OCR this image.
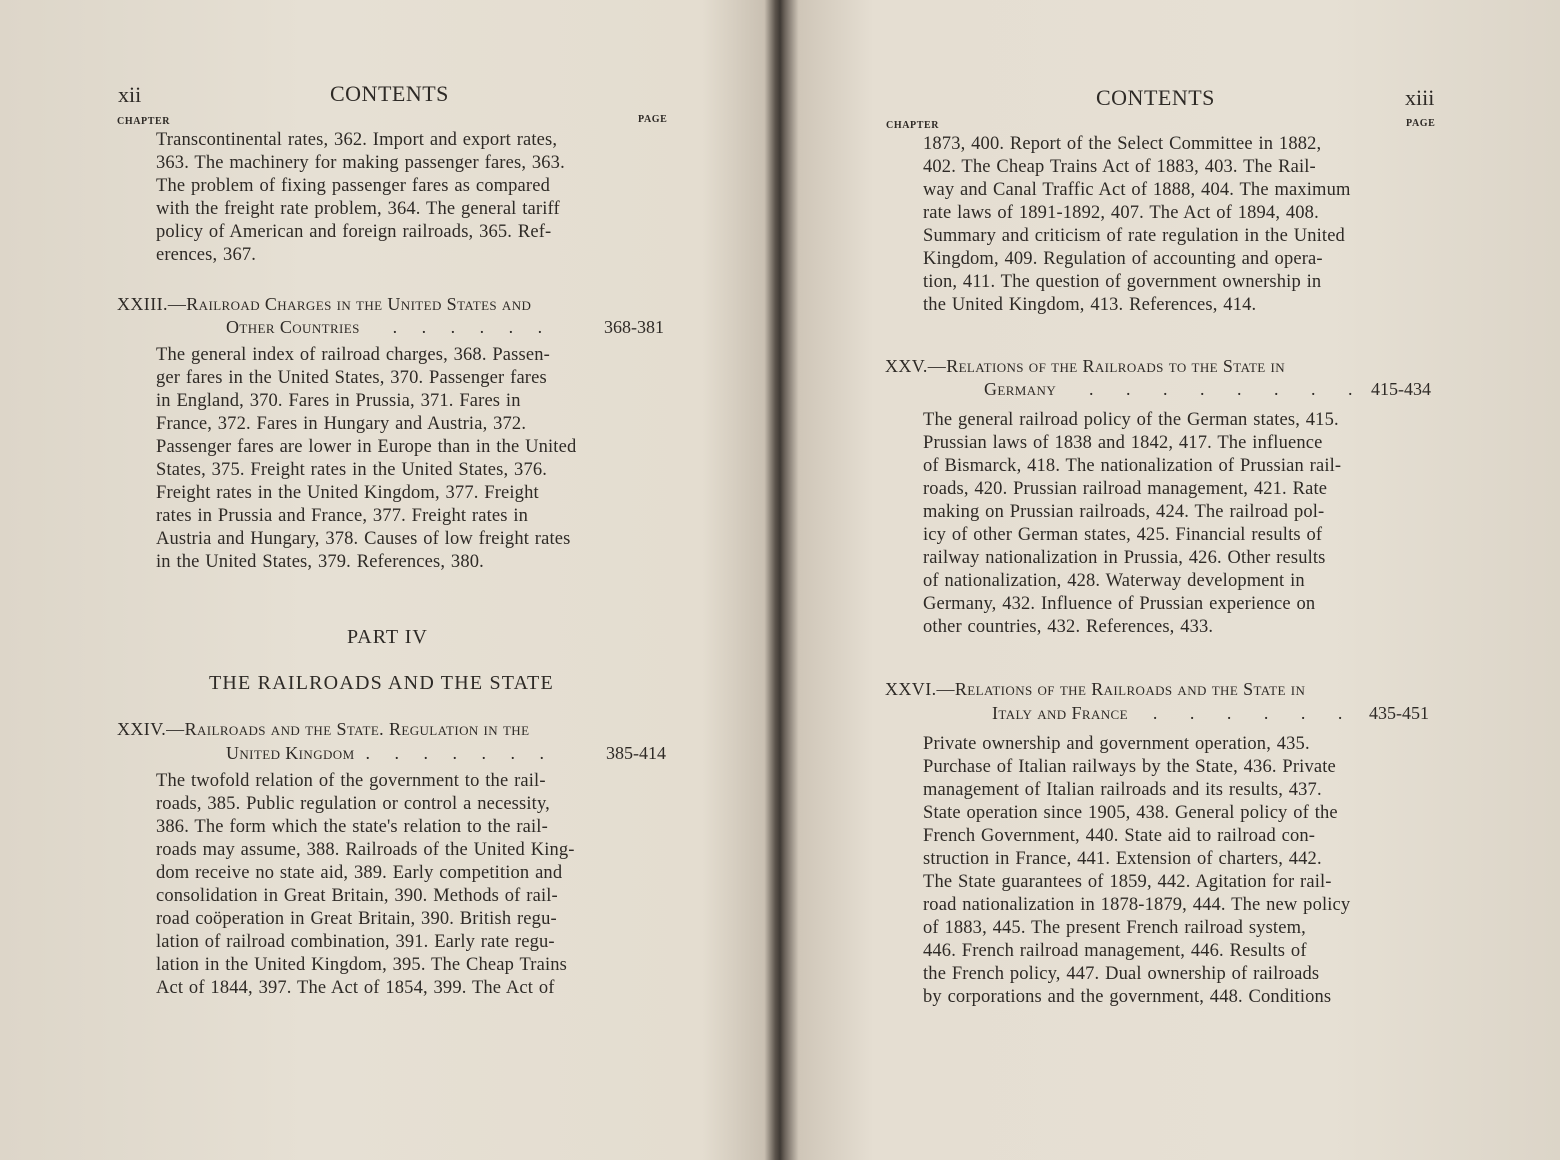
xii	CONTENTS
CHAPTER	PAGE
Transcontinental rates, 362. Import and export rates,
363. The machinery for making passenger fares, 363.
The problem of fixing passenger fares as compared
with the freight rate problem, 364. The general tariff
policy of American and foreign railroads, 365. Ref-
erences, 367.
XXIII.—Railroad Charges in the United States and
Other Countries . . . . . .	368-381
The general index of railroad charges, 368. Passen-
ger fares in the United States, 370. Passenger fares
in England, 370. Fares in Prussia, 371. Fares in
France, 372. Fares in Hungary and Austria, 372.
Passenger fares are lower in Europe than in the United
States, 375. Freight rates in the United States, 376.
Freight rates in the United Kingdom, 377. Freight
rates in Prussia and France, 377. Freight rates in
Austria and Hungary, 378. Causes of low freight rates
in the United States, 379. References, 380.
PART IV
THE RAILROADS AND THE STATE
XXIV.—Railroads and the State. Regulation in the
United Kingdom . . . . . . .	385-414
The twofold relation of the government to the rail-
roads, 385. Public regulation or control a necessity,
386. The form which the state's relation to the rail-
roads may assume, 388. Railroads of the United King-
dom receive no state aid, 389. Early competition and
consolidation in Great Britain, 390. Methods of rail-
road coöperation in Great Britain, 390. British regu-
lation of railroad combination, 391. Early rate regu-
lation in the United Kingdom, 395. The Cheap Trains
Act of 1844, 397. The Act of 1854, 399. The Act of
CONTENTS	xiii
CHAPTER	PAGE
1873, 400. Report of the Select Committee in 1882,
402. The Cheap Trains Act of 1883, 403. The Rail-
way and Canal Traffic Act of 1888, 404. The maximum
rate laws of 1891-1892, 407. The Act of 1894, 408.
Summary and criticism of rate regulation in the United
Kingdom, 409. Regulation of accounting and opera-
tion, 411. The question of government ownership in
the United Kingdom, 413. References, 414.
XXV.—Relations of the Railroads to the State in
Germany . . . . . . . . 415-434
The general railroad policy of the German states, 415.
Prussian laws of 1838 and 1842, 417. The influence
of Bismarck, 418. The nationalization of Prussian rail-
roads, 420. Prussian railroad management, 421. Rate
making on Prussian railroads, 424. The railroad pol-
icy of other German states, 425. Financial results of
railway nationalization in Prussia, 426. Other results
of nationalization, 428. Waterway development in
Germany, 432. Influence of Prussian experience on
other countries, 432. References, 433.
XXVI.—Relations of the Railroads and the State in
Italy and France . . . . . . 435-451
Private ownership and government operation, 435.
Purchase of Italian railways by the State, 436. Private
management of Italian railroads and its results, 437.
State operation since 1905, 438. General policy of the
French Government, 440. State aid to railroad con-
struction in France, 441. Extension of charters, 442.
The State guarantees of 1859, 442. Agitation for rail-
road nationalization in 1878-1879, 444. The new policy
of 1883, 445. The present French railroad system,
446. French railroad management, 446. Results of
the French policy, 447. Dual ownership of railroads
by corporations and the government, 448. Conditions
